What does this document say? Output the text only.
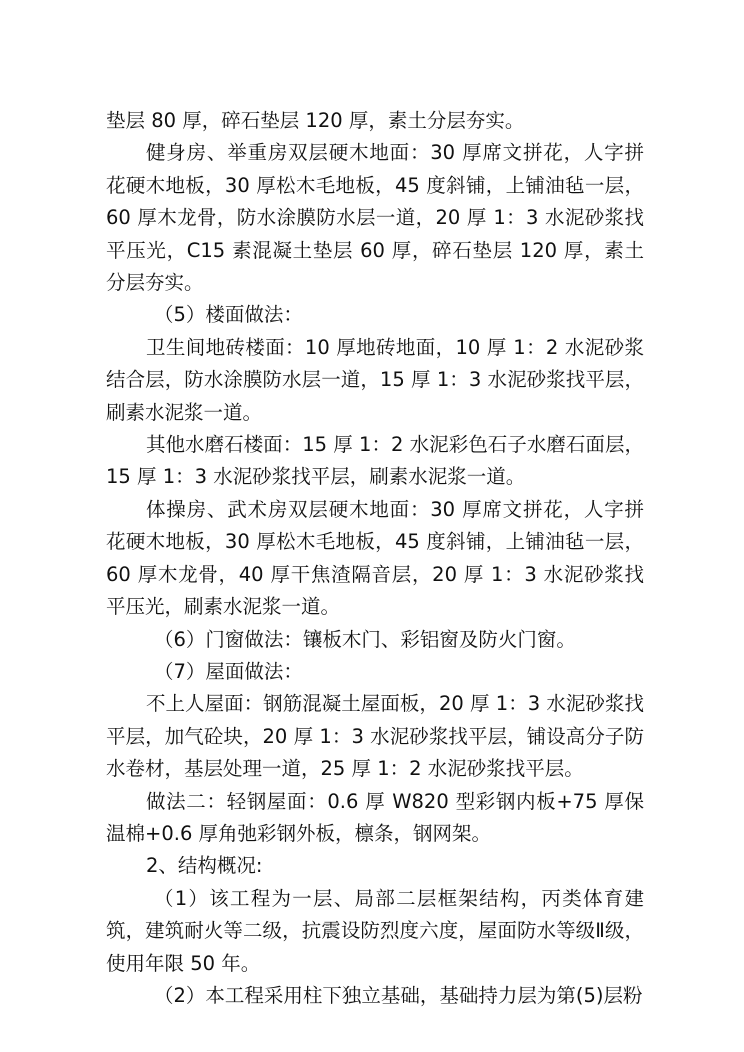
垫层 80 厚，碎石垫层 120 厚，素土分层夯实。

健身房、举重房双层硬木地面：30 厚席文拼花，人字拼花硬木地板，30 厚松木毛地板，45 度斜铺，上铺油毡一层，60 厚木龙骨，防水涂膜防水层一道，20 厚 1：3 水泥砂浆找平压光，C15 素混凝土垫层 60 厚，碎石垫层 120 厚，素土分层夯实。

（5）楼面做法：

卫生间地砖楼面：10 厚地砖地面，10 厚 1：2 水泥砂浆结合层，防水涂膜防水层一道，15 厚 1：3 水泥砂浆找平层，刷素水泥浆一道。

其他水磨石楼面：15 厚 1：2 水泥彩色石子水磨石面层，15 厚 1：3 水泥砂浆找平层，刷素水泥浆一道。

体操房、武术房双层硬木地面：30 厚席文拼花，人字拼花硬木地板，30 厚松木毛地板，45 度斜铺，上铺油毡一层，60 厚木龙骨，40 厚干焦渣隔音层，20 厚 1：3 水泥砂浆找平压光，刷素水泥浆一道。

（6）门窗做法：镶板木门、彩铝窗及防火门窗。

（7）屋面做法：

不上人屋面：钢筋混凝土屋面板，20 厚 1：3 水泥砂浆找平层，加气砼块，20 厚 1：3 水泥砂浆找平层，铺设高分子防水卷材，基层处理一道，25 厚 1：2 水泥砂浆找平层。

做法二：轻钢屋面：0.6 厚 W820 型彩钢内板+75 厚保温棉+0.6 厚角弛彩钢外板，檩条，钢网架。

2、结构概况:

（1）该工程为一层、局部二层框架结构，丙类体育建筑，建筑耐火等二级，抗震设防烈度六度，屋面防水等级Ⅱ级，使用年限 50 年。

（2）本工程采用柱下独立基础，基础持力层为第(5)层粉
